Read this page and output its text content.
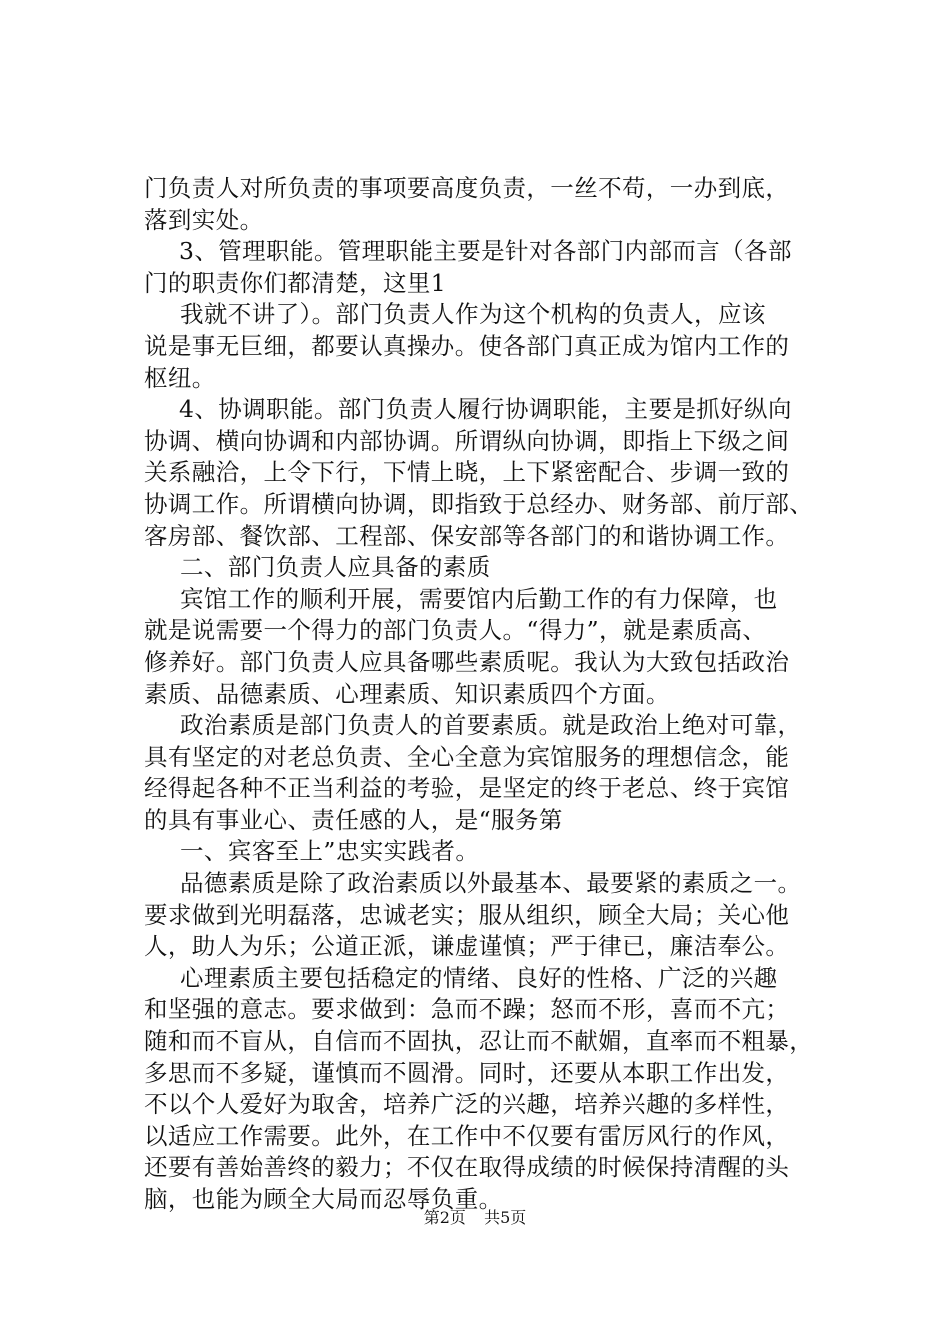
门负责人对所负责的事项要高度负责，一丝不苟，一办到底，
落到实处。
3、管理职能。管理职能主要是针对各部门内部而言（各部
门的职责你们都清楚，这里1
我就不讲了）。部门负责人作为这个机构的负责人，应该
说是事无巨细，都要认真操办。使各部门真正成为馆内工作的
枢纽。
4、协调职能。部门负责人履行协调职能，主要是抓好纵向
协调、横向协调和内部协调。所谓纵向协调，即指上下级之间
关系融洽，上令下行，下情上晓，上下紧密配合、步调一致的
协调工作。所谓横向协调，即指致于总经办、财务部、前厅部、
客房部、餐饮部、工程部、保安部等各部门的和谐协调工作。
二、部门负责人应具备的素质
宾馆工作的顺利开展，需要馆内后勤工作的有力保障，也
就是说需要一个得力的部门负责人。“得力”，就是素质高、
修养好。部门负责人应具备哪些素质呢。我认为大致包括政治
素质、品德素质、心理素质、知识素质四个方面。
政治素质是部门负责人的首要素质。就是政治上绝对可靠，
具有坚定的对老总负责、全心全意为宾馆服务的理想信念，能
经得起各种不正当利益的考验，是坚定的终于老总、终于宾馆
的具有事业心、责任感的人，是“服务第
一、宾客至上”忠实实践者。
品德素质是除了政治素质以外最基本、最要紧的素质之一。
要求做到光明磊落，忠诚老实；服从组织，顾全大局；关心他
人，助人为乐；公道正派，谦虚谨慎；严于律已，廉洁奉公。
心理素质主要包括稳定的情绪、良好的性格、广泛的兴趣
和坚强的意志。要求做到：急而不躁；怒而不形，喜而不亢；
随和而不盲从，自信而不固执，忍让而不献媚，直率而不粗暴，
多思而不多疑，谨慎而不圆滑。同时，还要从本职工作出发，
不以个人爱好为取舍，培养广泛的兴趣，培养兴趣的多样性，
以适应工作需要。此外，在工作中不仅要有雷厉风行的作风，
还要有善始善终的毅力；不仅在取得成绩的时候保持清醒的头
脑，也能为顾全大局而忍辱负重。
第2页 共5页
